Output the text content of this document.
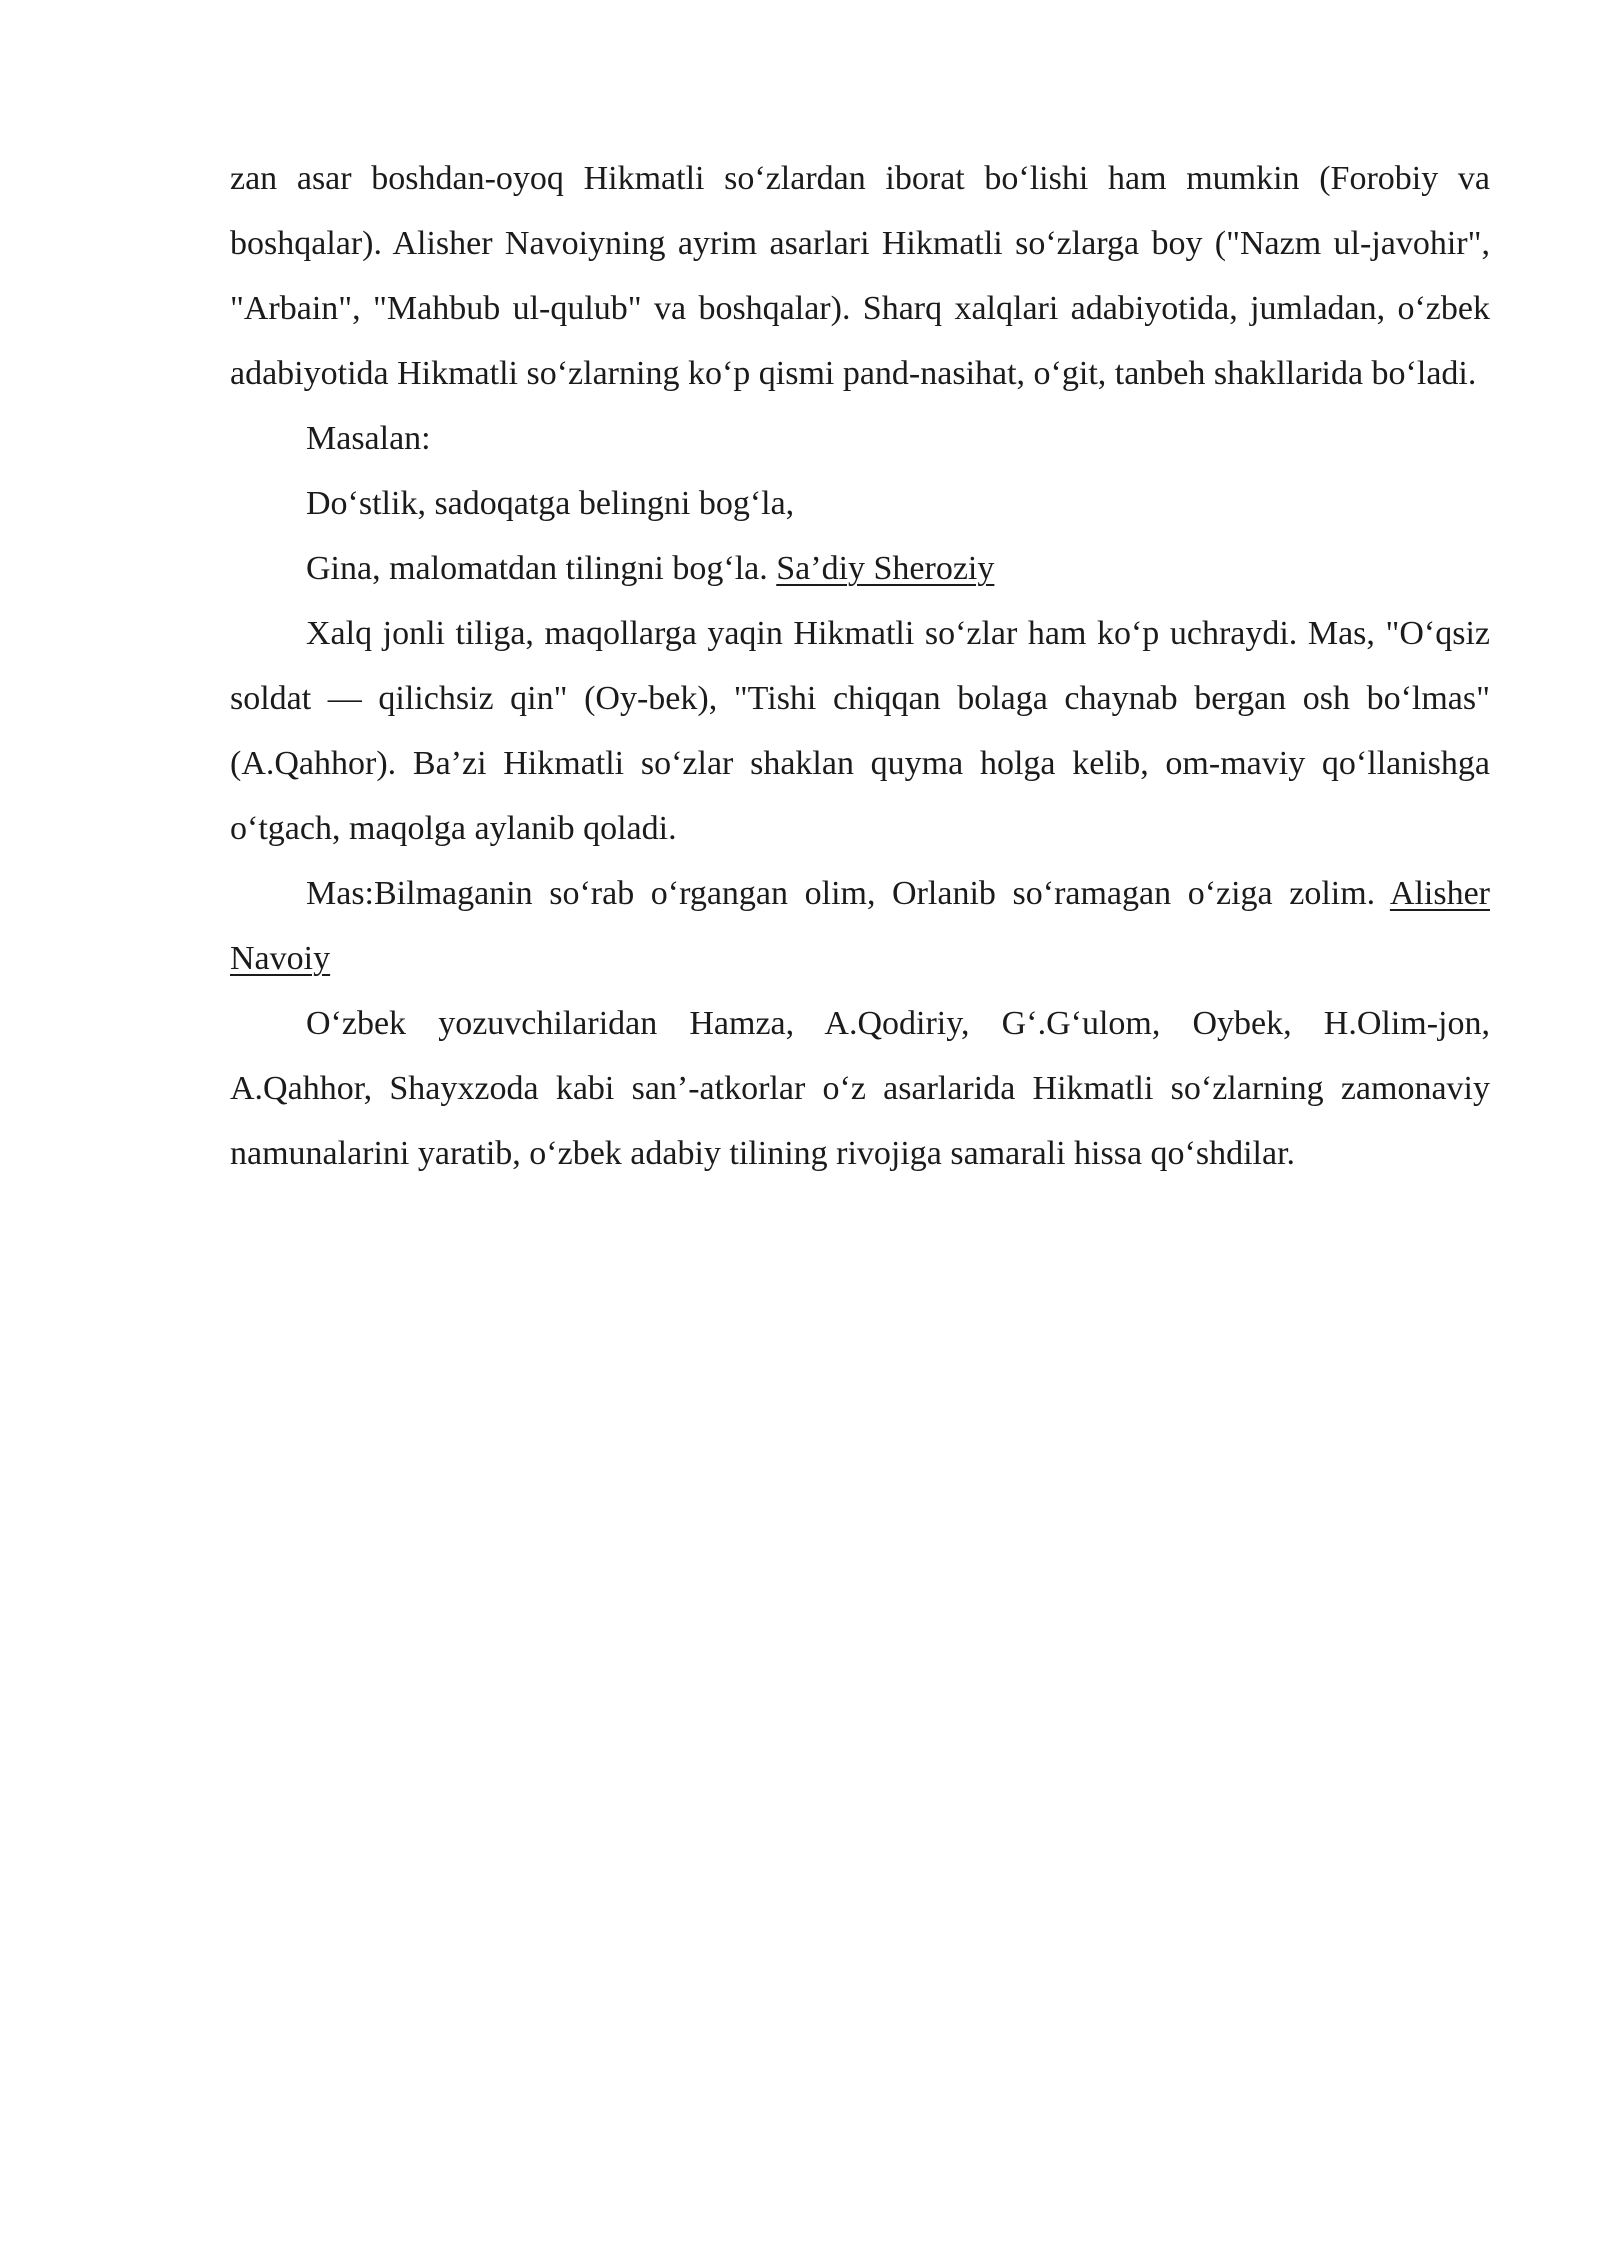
zan asar boshdan-oyoq Hikmatli so‘zlardan iborat bo‘lishi ham mumkin (Forobiy va boshqalar). Alisher Navoiyning ayrim asarlari Hikmatli so‘zlarga boy ("Nazm ul-javohir", "Arbain", "Mahbub ul-qulub" va boshqalar). Sharq xalqlari adabiyotida, jumladan, o‘zbek adabiyotida Hikmatli so‘zlarning ko‘p qismi pand-nasihat, o‘git, tanbeh shakllarida bo‘ladi.

Masalan:

Do‘stlik, sadoqatga belingni bog‘la,

Gina, malomatdan tilingni bog‘la. Sa’diy Sheroziy

Xalq jonli tiliga, maqollarga yaqin Hikmatli so‘zlar ham ko‘p uchraydi. Mas, "O‘qsiz soldat — qilichsiz qin" (Oy-bek), "Tishi chiqqan bolaga chaynab bergan osh bo‘lmas" (A.Qahhor). Ba’zi Hikmatli so‘zlar shaklan quyma holga kelib, om-maviy qo‘llanishga o‘tgach, maqolga aylanib qoladi.

Mas:Bilmaganin so‘rab o‘rgangan olim, Orlanib so‘ramagan o‘ziga zolim. Alisher Navoiy

O‘zbek yozuvchilaridan Hamza, A.Qodiriy, G‘.G‘ulom, Oybek, H.Olim-jon, A.Qahhor, Shayxzoda kabi san’-atkorlar o‘z asarlarida Hikmatli so‘zlarning zamonaviy namunalarini yaratib, o‘zbek adabiy tilining rivojiga samarali hissa qo‘shdilar.
